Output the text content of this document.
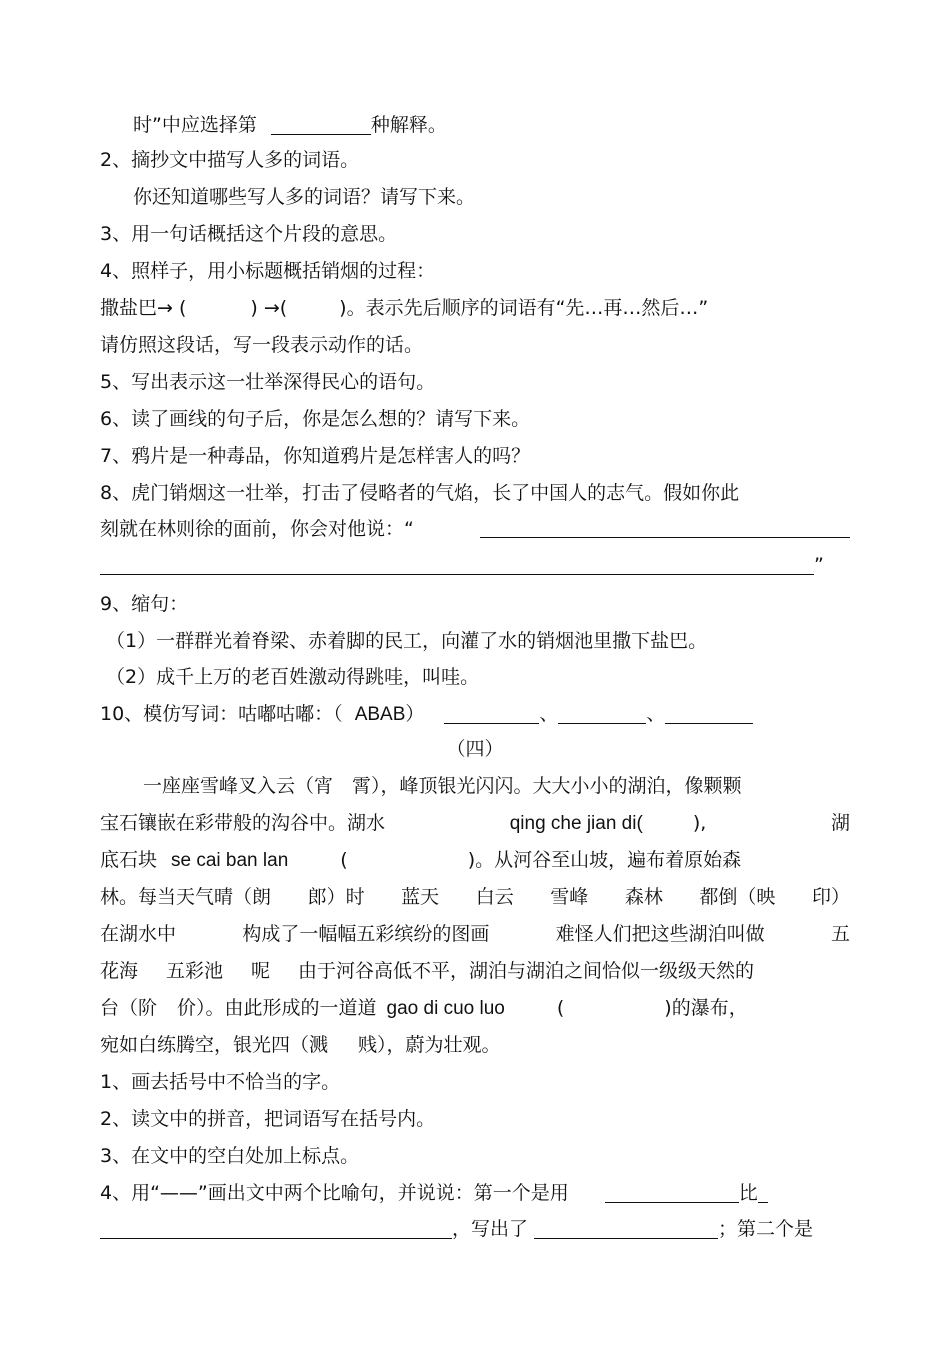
时”中应选择第	种解释。
2、摘抄文中描写人多的词语。
你还知道哪些写人多的词语？请写下来。
3、用一句话概括这个片段的意思。
4、照样子，用小标题概括销烟的过程：
撒盐巴→ (	) →(	)。表示先后顺序的词语有“先…再…然后…”
请仿照这段话，写一段表示动作的话。
5、写出表示这一壮举深得民心的语句。
6、读了画线的句子后，你是怎么想的？请写下来。
7、鸦片是一种毒品，你知道鸦片是怎样害人的吗？
8、虎门销烟这一壮举，打击了侵略者的气焰，长了中国人的志气。假如你此
刻就在林则徐的面前，你会对他说：“
”
9、缩句：
（1）一群群光着脊梁、赤着脚的民工，向灌了水的销烟池里撒下盐巴。
（2）成千上万的老百姓激动得跳哇，叫哇。
10、模仿写词：咕嘟咕嘟：（ ABAB）	、	、
（四）
一座座雪峰叉入云（宵　霄），峰顶银光闪闪。大大小小的湖泊，像颗颗
宝石镶嵌在彩带般的沟谷中。湖水	qing che jian di(	),	湖
底石块 se cai ban lan	(	)。从河谷至山坡，遍布着原始森
林。每当天气晴（朗 郎）时 蓝天 白云 雪峰 森林 都倒（映 印）
在湖水中	构成了一幅幅五彩缤纷的图画	难怪人们把这些湖泊叫做	五
花海 五彩池 呢 由于河谷高低不平，湖泊与湖泊之间恰似一级级天然的
台（阶 价）。由此形成的一道道 gao di cuo luo	(	)的瀑布，
宛如白练腾空，银光四（溅 贱），蔚为壮观。
1、画去括号中不恰当的字。
2、读文中的拼音，把词语写在括号内。
3、在文中的空白处加上标点。
4、用“——”画出文中两个比喻句，并说说：第一个是用	比
，写出了	；第二个是
